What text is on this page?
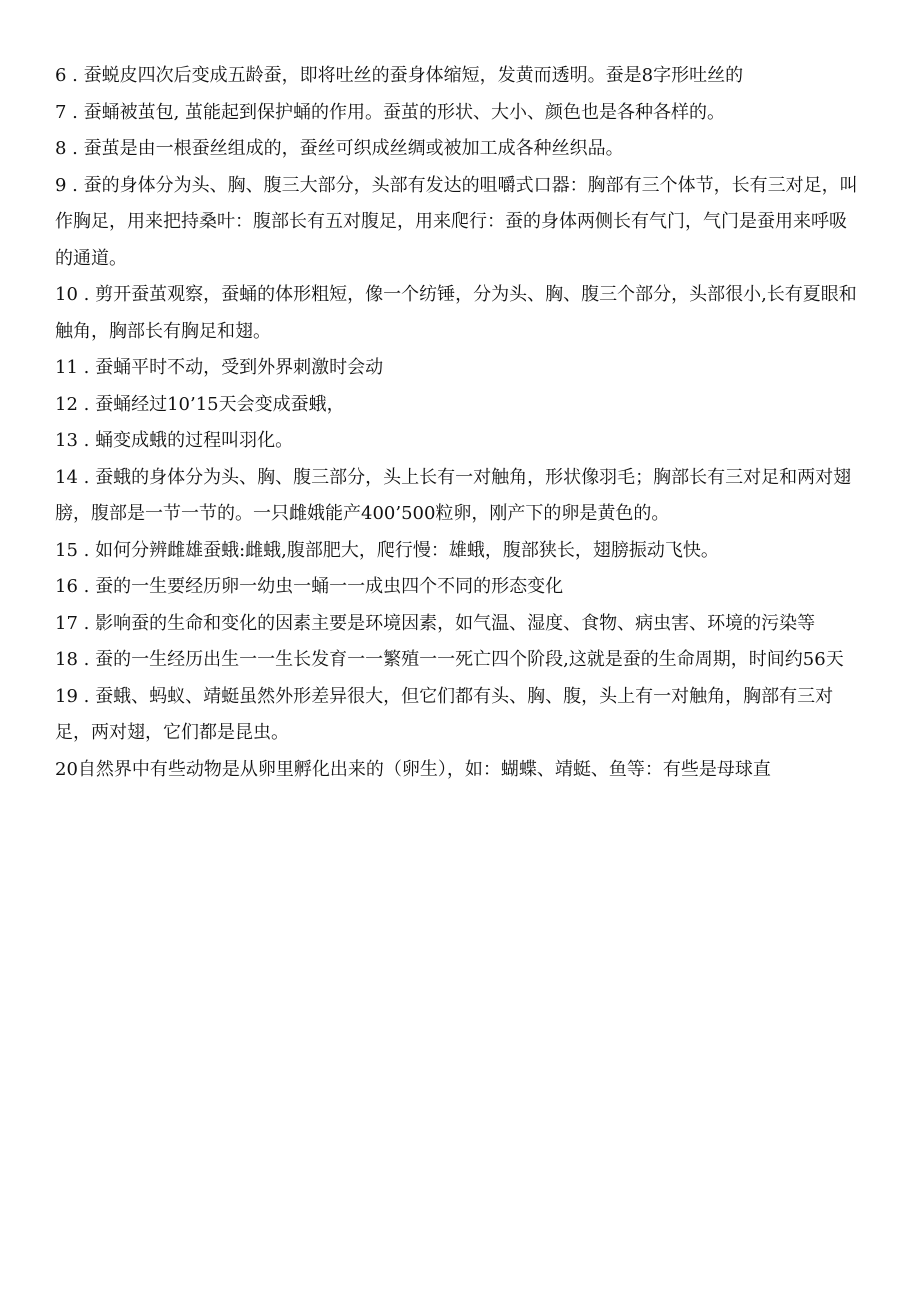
6 . 蚕蜕皮四次后变成五龄蚕，即将吐丝的蚕身体缩短，发黄而透明。蚕是8字形吐丝的

7 . 蚕蛹被茧包, 茧能起到保护蛹的作用。蚕茧的形状、大小、颜色也是各种各样的。

8 . 蚕茧是由一根蚕丝组成的，蚕丝可织成丝绸或被加工成各种丝织品。

9 . 蚕的身体分为头、胸、腹三大部分，头部有发达的咀嚼式口器：胸部有三个体节，长有三对足，叫作胸足，用来把持桑叶：腹部长有五对腹足，用来爬行：蚕的身体两侧长有气门，气门是蚕用来呼吸的通道。

10 . 剪开蚕茧观察，蚕蛹的体形粗短，像一个纺锤，分为头、胸、腹三个部分，头部很小,长有夏眼和触角，胸部长有胸足和翅。

11 . 蚕蛹平时不动，受到外界刺激时会动

12 . 蚕蛹经过10’15天会变成蚕蛾，

13 . 蛹变成蛾的过程叫羽化。

14 . 蚕蛾的身体分为头、胸、腹三部分，头上长有一对触角，形状像羽毛；胸部长有三对足和两对翅膀，腹部是一节一节的。一只雌娥能产400’500粒卵，刚产下的卵是黄色的。

15 . 如何分辨雌雄蚕蛾:雌蛾,腹部肥大，爬行慢：雄蛾，腹部狭长，翅膀振动飞快。

16 . 蚕的一生要经历卵一幼虫一蛹一一成虫四个不同的形态变化

17 . 影响蚕的生命和变化的因素主要是环境因素，如气温、湿度、食物、病虫害、环境的污染等

18 . 蚕的一生经历出生一一生长发育一一繁殖一一死亡四个阶段,这就是蚕的生命周期，时间约56天

19 . 蚕蛾、蚂蚁、靖蜓虽然外形差异很大，但它们都有头、胸、腹，头上有一对触角，胸部有三对足，两对翅，它们都是昆虫。

20自然界中有些动物是从卵里孵化出来的（卵生），如：蝴蝶、靖蜓、鱼等：有些是母球直
